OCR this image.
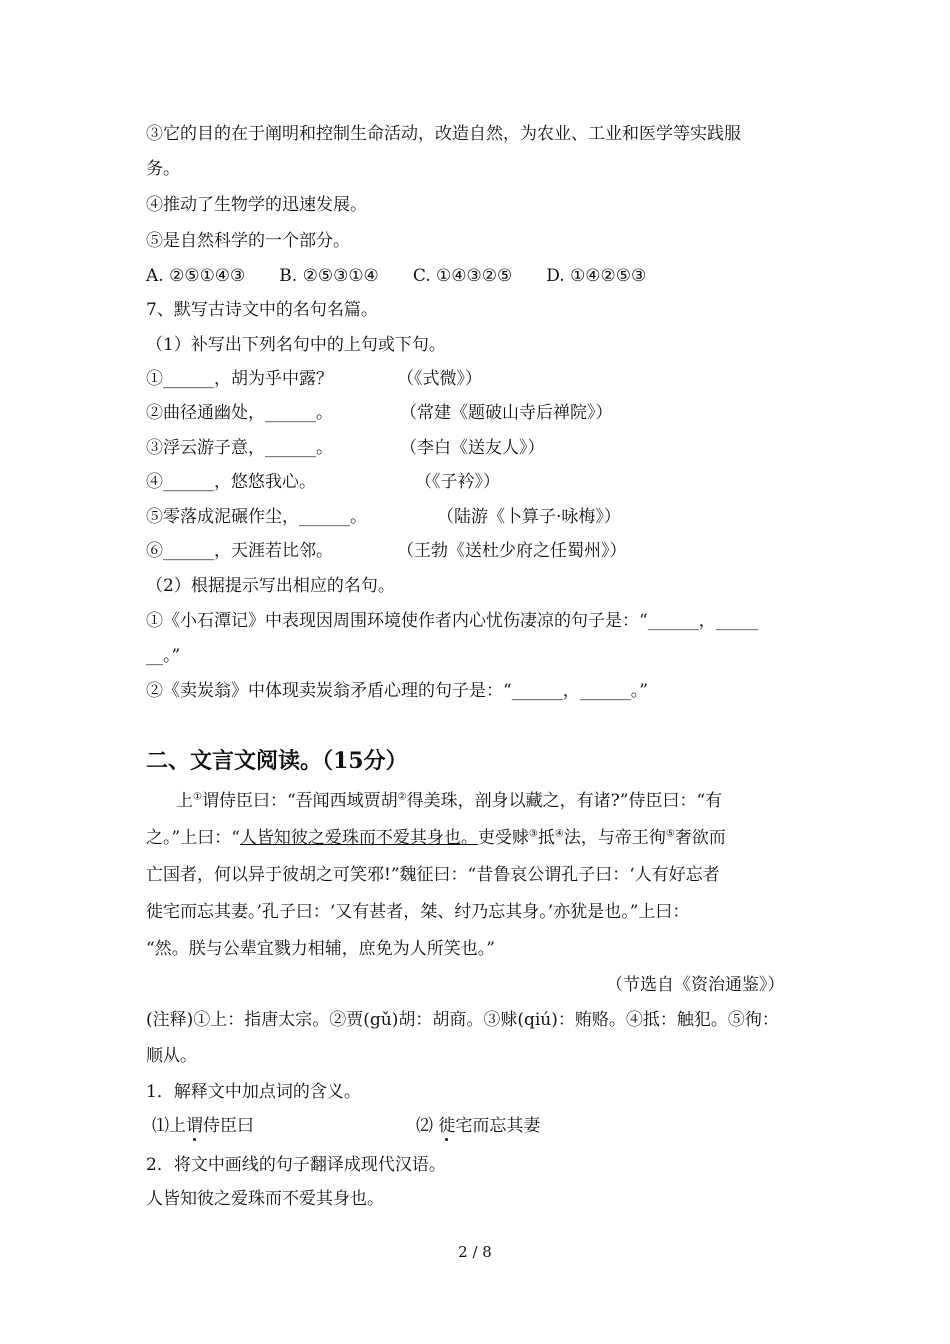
③它的目的在于阐明和控制生命活动，改造自然，为农业、工业和医学等实践服
务。
④推动了生物学的迅速发展。
⑤是自然科学的一个部分。
A. ②⑤①④③ B. ②⑤③①④ C. ①④③②⑤ D. ①④②⑤③
7、默写古诗文中的名句名篇。
（1）补写出下列名句中的上句或下句。
①______，胡为乎中露？	（《式微》）
②曲径通幽处，______。	（常建《题破山寺后禅院》）
③浮云游子意，______。	（李白《送友人》）
④______，悠悠我心。	（《子衿》）
⑤零落成泥碾作尘，______。	（陆游《卜算子·咏梅》）
⑥______，天涯若比邻。	（王勃《送杜少府之任蜀州》）
（2）根据提示写出相应的名句。
①《小石潭记》中表现因周围环境使作者内心忧伤凄凉的句子是：“______，_____
__。”
②《卖炭翁》中体现卖炭翁矛盾心理的句子是：“______，______。”
二、文言文阅读。（15分）
上①谓侍臣曰：“吾闻西域贾胡②得美珠，剖身以藏之，有诸?”侍臣曰：“有
之。”上曰：“人皆知彼之爱珠而不爱其身也。吏受赇③抵④法，与帝王徇⑤奢欲而
亡国者，何以异于彼胡之可笑邪!”魏征曰：“昔鲁哀公谓孔子曰：‘人有好忘者
徙宅而忘其妻。’孔子曰：‘又有甚者，桀、纣乃忘其身。’亦犹是也。”上曰：
“然。朕与公辈宜戮力相辅，庶免为人所笑也。”
（节选自《资治通鉴》）
(注释)①上：指唐太宗。②贾(gǔ)胡：胡商。③赇(qiú)：贿赂。④抵：触犯。⑤徇：
顺从。
1．解释文中加点词的含义。
⑴上谓侍臣曰	⑵ 徙宅而忘其妻
2．将文中画线的句子翻译成现代汉语。
人皆知彼之爱珠而不爱其身也。
2 / 8
